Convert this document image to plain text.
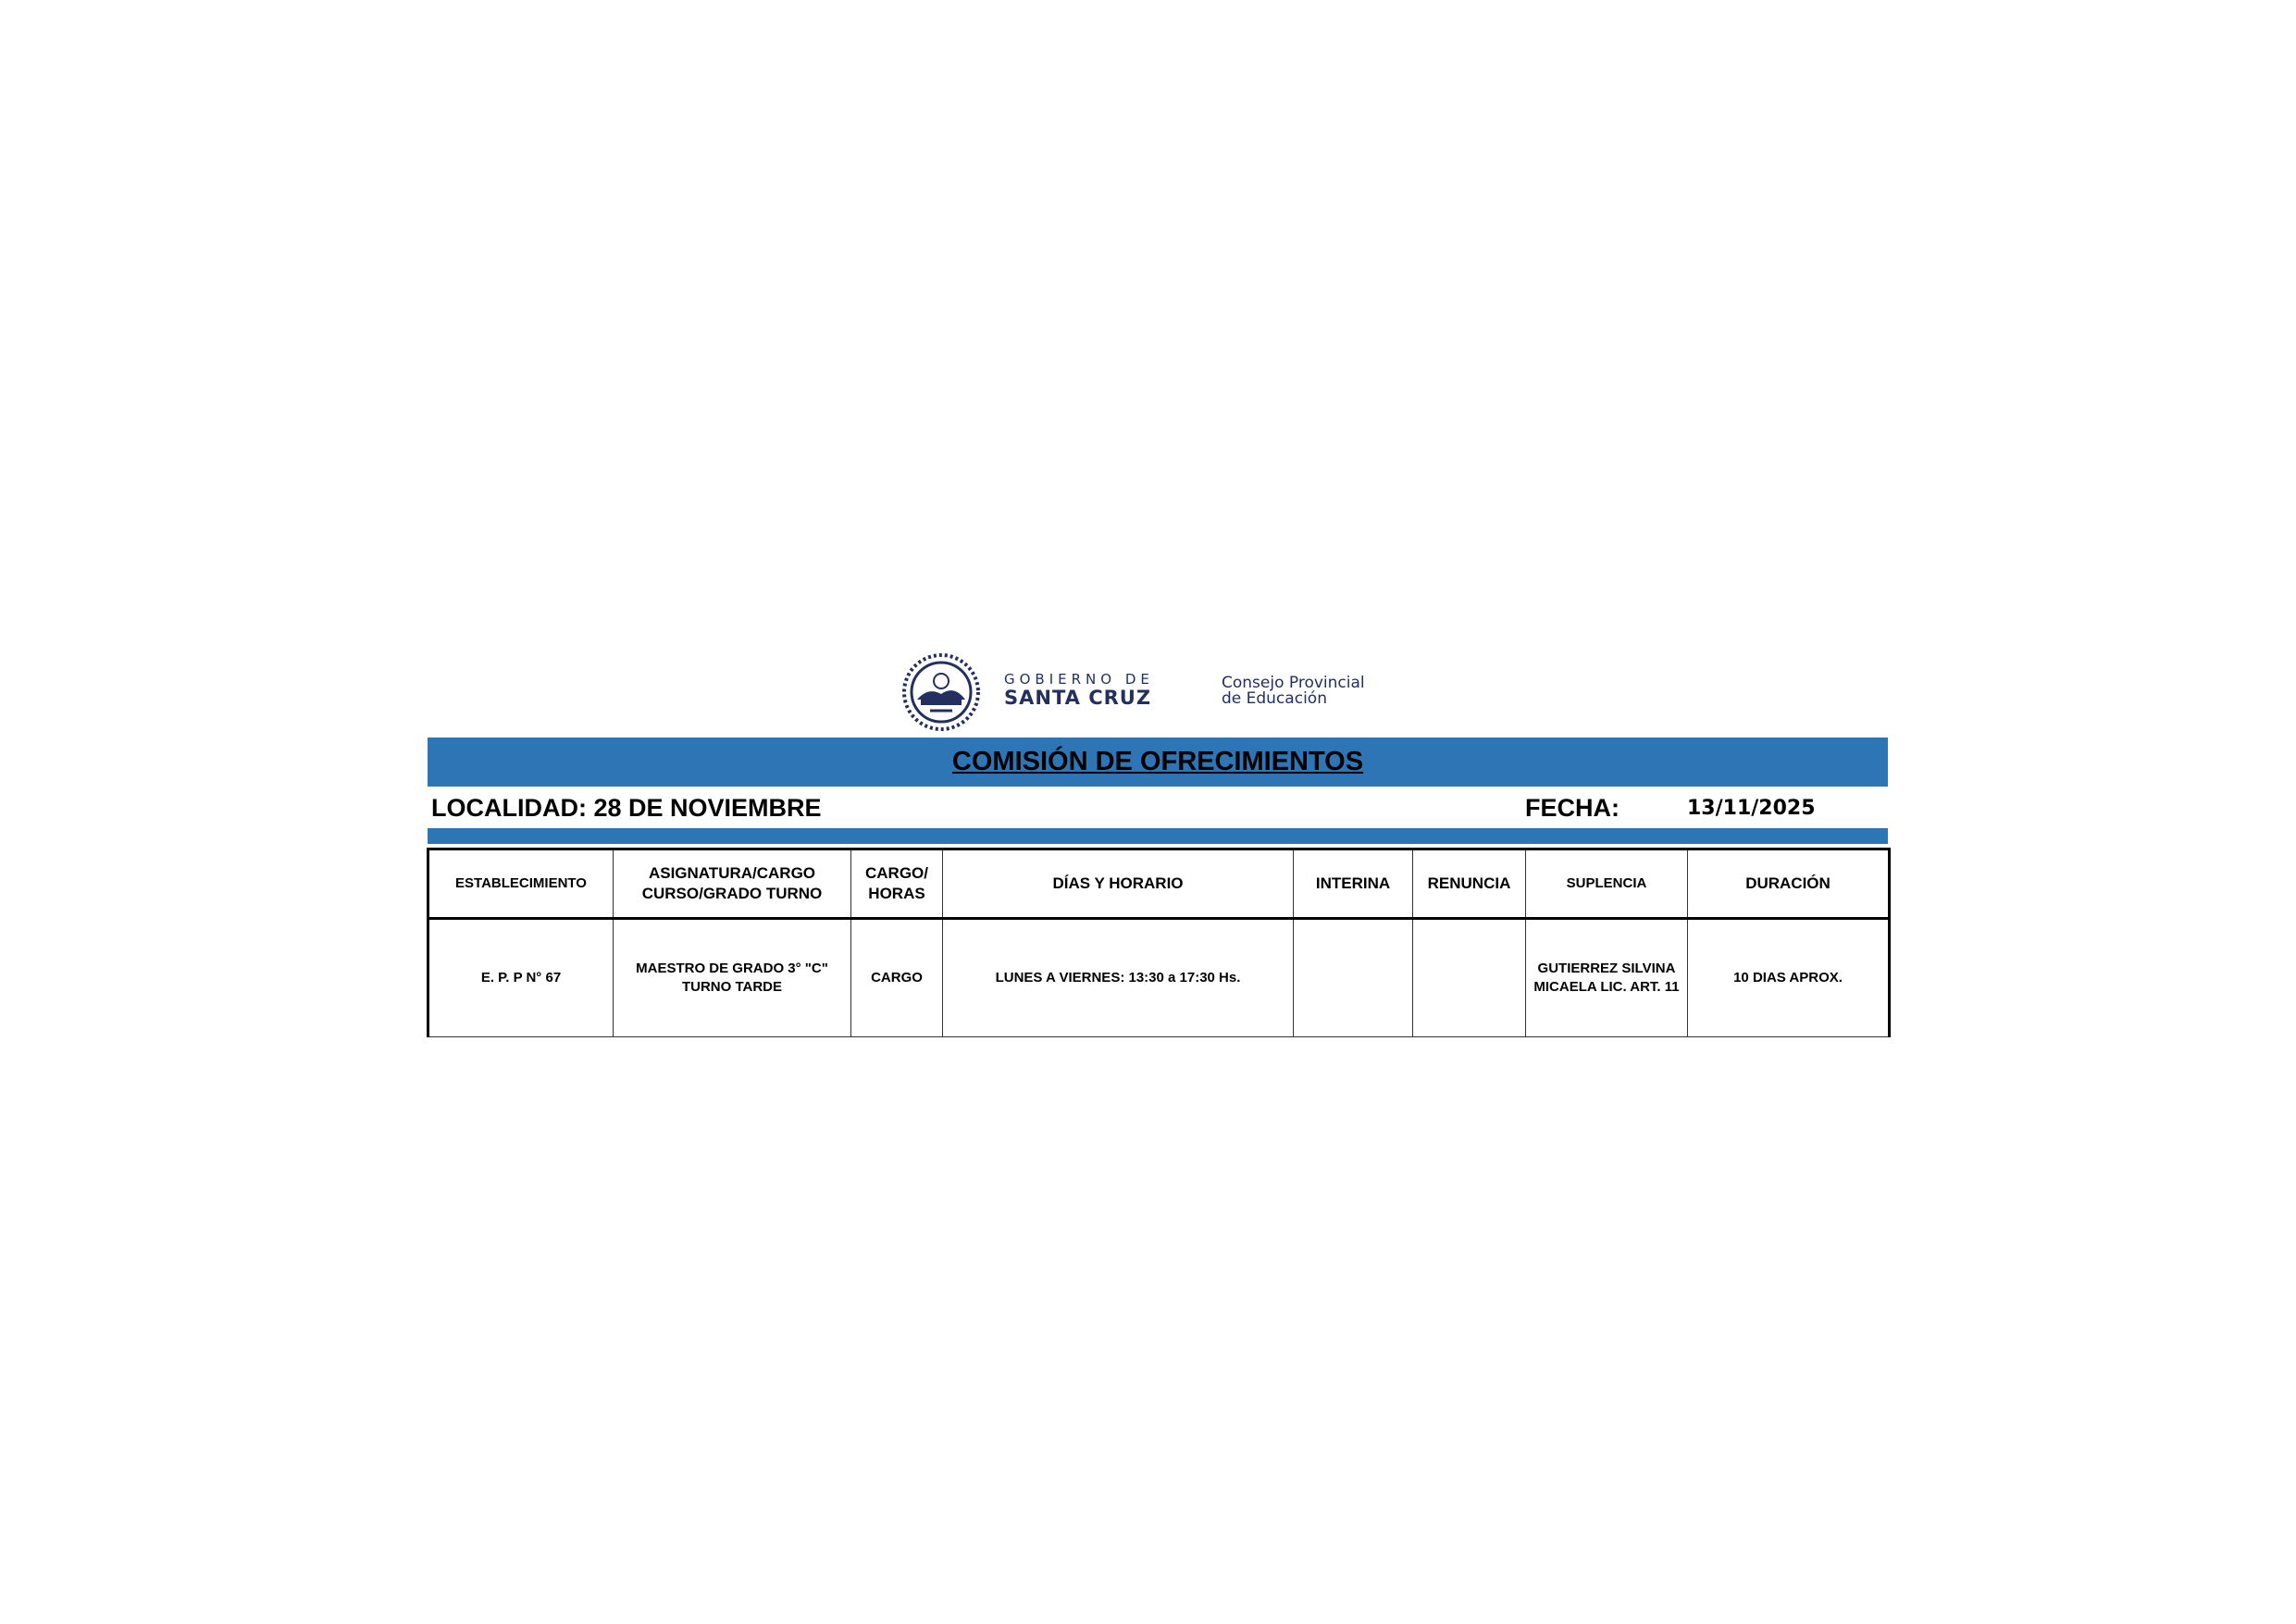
GOBIERNO DE
SANTA CRUZ
Consejo Provincial
de Educación
COMISIÓN DE OFRECIMIENTOS
LOCALIDAD: 28 DE NOVIEMBRE	FECHA:	13/11/2025
ESTABLECIMIENTO	ASIGNATURA/CARGO CURSO/GRADO TURNO	CARGO/ HORAS	DÍAS Y HORARIO	INTERINA	RENUNCIA	SUPLENCIA	DURACIÓN
E. P. P N° 67	MAESTRO DE GRADO 3° "C" TURNO TARDE	CARGO	LUNES A VIERNES: 13:30 a 17:30 Hs.			GUTIERREZ SILVINA MICAELA LIC. ART. 11	10 DIAS APROX.
